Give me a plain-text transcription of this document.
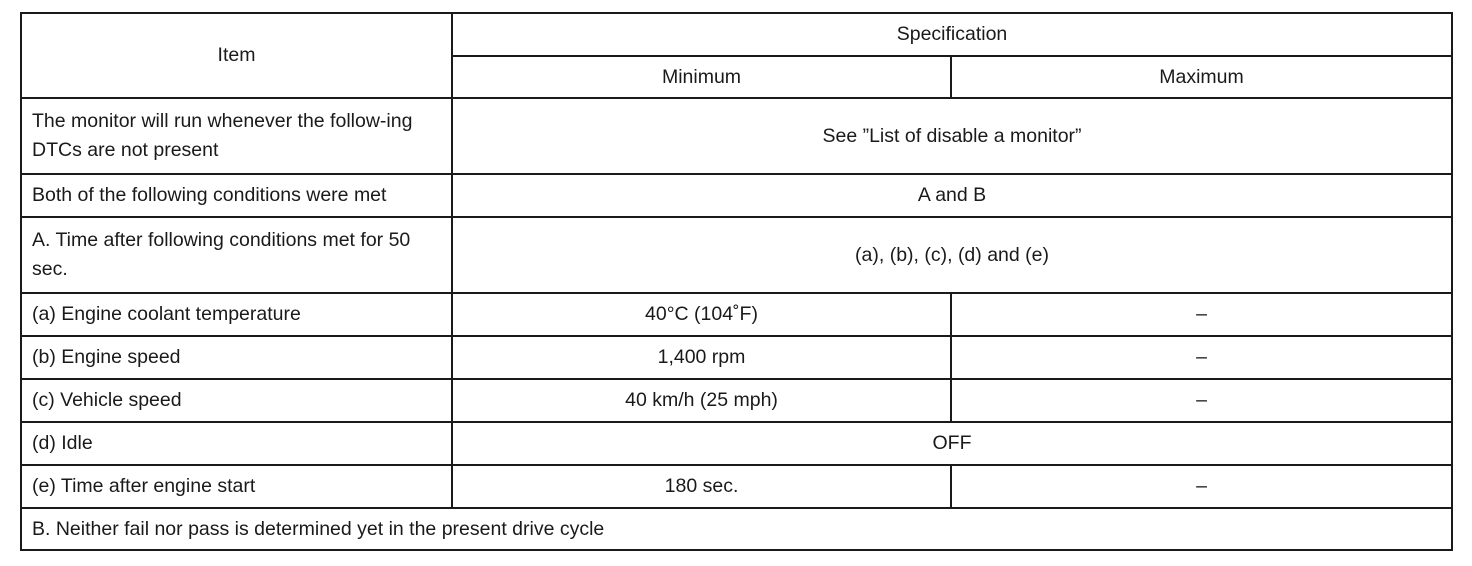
Item	Specification	
	Minimum	Maximum
The monitor will run whenever the follow-ing DTCs are not present	See ”List of disable a monitor”	
Both of the following conditions were met	A and B	
A. Time after following conditions met for 50 sec.	(a), (b), (c), (d) and (e)	
(a) Engine coolant temperature	40°C (104˚F)	–
(b) Engine speed	1,400 rpm	–
(c) Vehicle speed	40 km/h (25 mph)	–
(d) Idle	OFF	
(e) Time after engine start	180 sec.	–
B. Neither fail nor pass is determined yet in the present drive cycle		
